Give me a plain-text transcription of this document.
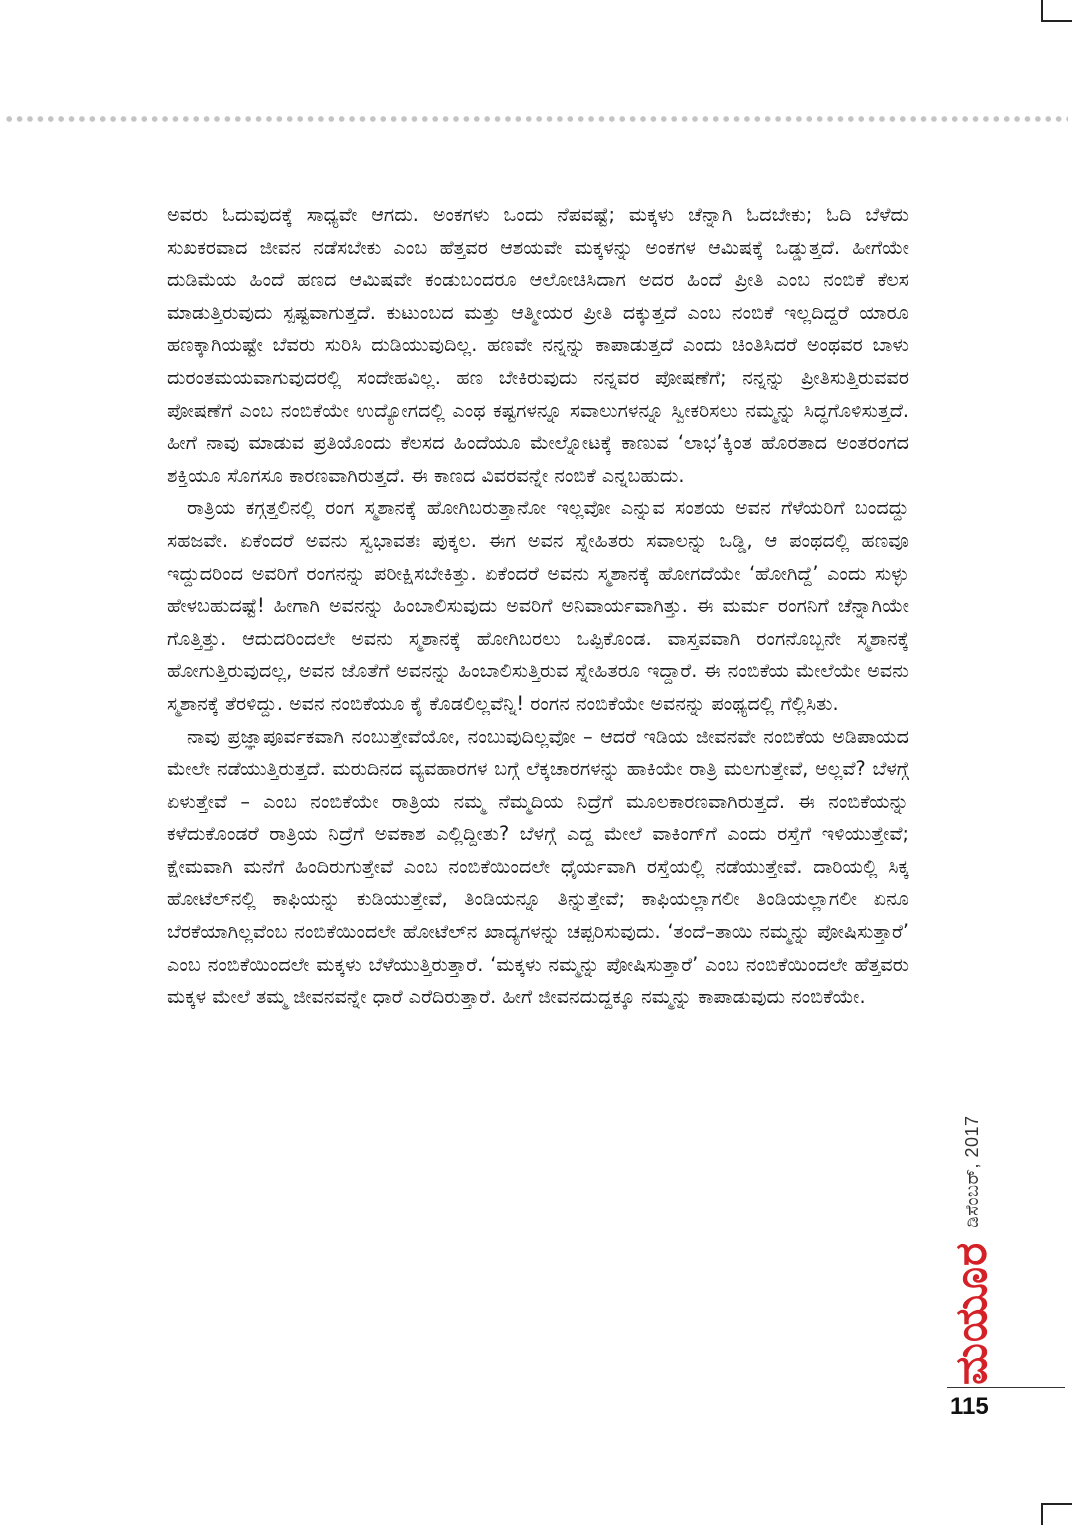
ಅವರು ಓದುವುದಕ್ಕೆ ಸಾಧ್ಯವೇ ಆಗದು. ಅಂಕಗಳು ಒಂದು ನೆಪವಷ್ಟೆ; ಮಕ್ಕಳು ಚೆನ್ನಾಗಿ ಓದಬೇಕು; ಓದಿ ಬೆಳೆದು ಸುಖಕರವಾದ ಜೀವನ ನಡೆಸಬೇಕು ಎಂಬ ಹೆತ್ತವರ ಆಶಯವೇ ಮಕ್ಕಳನ್ನು ಅಂಕಗಳ ಆಮಿಷಕ್ಕೆ ಒಡ್ಡುತ್ತದೆ. ಹೀಗೆಯೇ ದುಡಿಮೆಯ ಹಿಂದೆ ಹಣದ ಆಮಿಷವೇ ಕಂಡುಬಂದರೂ ಆಲೋಚಿಸಿದಾಗ ಅದರ ಹಿಂದೆ ಪ್ರೀತಿ ಎಂಬ ನಂಬಿಕೆ ಕೆಲಸ ಮಾಡುತ್ತಿರುವುದು ಸ್ಪಷ್ಟವಾಗುತ್ತದೆ. ಕುಟುಂಬದ ಮತ್ತು ಆತ್ಮೀಯರ ಪ್ರೀತಿ ದಕ್ಕುತ್ತದೆ ಎಂಬ ನಂಬಿಕೆ ಇಲ್ಲದಿದ್ದರೆ ಯಾರೂ ಹಣಕ್ಕಾಗಿಯಷ್ಟೇ ಬೆವರು ಸುರಿಸಿ ದುಡಿಯುವುದಿಲ್ಲ. ಹಣವೇ ನನ್ನನ್ನು ಕಾಪಾಡುತ್ತದೆ ಎಂದು ಚಿಂತಿಸಿದರೆ ಅಂಥವರ ಬಾಳು ದುರಂತಮಯವಾಗುವುದರಲ್ಲಿ ಸಂದೇಹವಿಲ್ಲ. ಹಣ ಬೇಕಿರುವುದು ನನ್ನವರ ಪೋಷಣೆಗೆ; ನನ್ನನ್ನು ಪ್ರೀತಿಸುತ್ತಿರುವವರ ಪೋಷಣೆಗೆ ಎಂಬ ನಂಬಿಕೆಯೇ ಉದ್ಯೋಗದಲ್ಲಿ ಎಂಥ ಕಷ್ಟಗಳನ್ನೂ ಸವಾಲುಗಳನ್ನೂ ಸ್ವೀಕರಿಸಲು ನಮ್ಮನ್ನು ಸಿದ್ಧಗೊಳಿಸುತ್ತದೆ. ಹೀಗೆ ನಾವು ಮಾಡುವ ಪ್ರತಿಯೊಂದು ಕೆಲಸದ ಹಿಂದೆಯೂ ಮೇಲ್ನೋಟಕ್ಕೆ ಕಾಣುವ ‘ಲಾಭ’ಕ್ಕಿಂತ ಹೊರತಾದ ಅಂತರಂಗದ ಶಕ್ತಿಯೂ ಸೊಗಸೂ ಕಾರಣವಾಗಿರುತ್ತದೆ. ಈ ಕಾಣದ ವಿವರವನ್ನೇ ನಂಬಿಕೆ ಎನ್ನಬಹುದು.

ರಾತ್ರಿಯ ಕಗ್ಗತ್ತಲಿನಲ್ಲಿ ರಂಗ ಸ್ಮಶಾನಕ್ಕೆ ಹೋಗಿಬರುತ್ತಾನೋ ಇಲ್ಲವೋ ಎನ್ನುವ ಸಂಶಯ ಅವನ ಗೆಳೆಯರಿಗೆ ಬಂದದ್ದು ಸಹಜವೇ. ಏಕೆಂದರೆ ಅವನು ಸ್ವಭಾವತಃ ಪುಕ್ಕಲ. ಈಗ ಅವನ ಸ್ನೇಹಿತರು ಸವಾಲನ್ನು ಒಡ್ಡಿ, ಆ ಪಂಥದಲ್ಲಿ ಹಣವೂ ಇದ್ದುದರಿಂದ ಅವರಿಗೆ ರಂಗನನ್ನು ಪರೀಕ್ಷಿಸಬೇಕಿತ್ತು. ಏಕೆಂದರೆ ಅವನು ಸ್ಮಶಾನಕ್ಕೆ ಹೋಗದೆಯೇ ‘ಹೋಗಿದ್ದೆ’ ಎಂದು ಸುಳ್ಳು ಹೇಳಬಹುದಷ್ಟೆ! ಹೀಗಾಗಿ ಅವನನ್ನು ಹಿಂಬಾಲಿಸುವುದು ಅವರಿಗೆ ಅನಿವಾರ್ಯವಾಗಿತ್ತು. ಈ ಮರ್ಮ ರಂಗನಿಗೆ ಚೆನ್ನಾಗಿಯೇ ಗೊತ್ತಿತ್ತು. ಆದುದರಿಂದಲೇ ಅವನು ಸ್ಮಶಾನಕ್ಕೆ ಹೋಗಿಬರಲು ಒಪ್ಪಿಕೊಂಡ. ವಾಸ್ತವವಾಗಿ ರಂಗನೊಬ್ಬನೇ ಸ್ಮಶಾನಕ್ಕೆ ಹೋಗುತ್ತಿರುವುದಲ್ಲ, ಅವನ ಜೊತೆಗೆ ಅವನನ್ನು ಹಿಂಬಾಲಿಸುತ್ತಿರುವ ಸ್ನೇಹಿತರೂ ಇದ್ದಾರೆ. ಈ ನಂಬಿಕೆಯ ಮೇಲೆಯೇ ಅವನು ಸ್ಮಶಾನಕ್ಕೆ ತೆರಳಿದ್ದು. ಅವನ ನಂಬಿಕೆಯೂ ಕೈ ಕೊಡಲಿಲ್ಲವೆನ್ನಿ! ರಂಗನ ನಂಬಿಕೆಯೇ ಅವನನ್ನು ಪಂಥ್ಯದಲ್ಲಿ ಗೆಲ್ಲಿಸಿತು.

ನಾವು ಪ್ರಜ್ಞಾಪೂರ್ವಕವಾಗಿ ನಂಬುತ್ತೇವೆಯೋ, ನಂಬುವುದಿಲ್ಲವೋ – ಆದರೆ ಇಡಿಯ ಜೀವನವೇ ನಂಬಿಕೆಯ ಅಡಿಪಾಯದ ಮೇಲೇ ನಡೆಯುತ್ತಿರುತ್ತದೆ. ಮರುದಿನದ ವ್ಯವಹಾರಗಳ ಬಗ್ಗೆ ಲೆಕ್ಕಚಾರಗಳನ್ನು ಹಾಕಿಯೇ ರಾತ್ರಿ ಮಲಗುತ್ತೇವೆ, ಅಲ್ಲವೆ? ಬೆಳಗ್ಗೆ ಏಳುತ್ತೇವೆ – ಎಂಬ ನಂಬಿಕೆಯೇ ರಾತ್ರಿಯ ನಮ್ಮ ನೆಮ್ಮದಿಯ ನಿದ್ರೆಗೆ ಮೂಲಕಾರಣವಾಗಿರುತ್ತದೆ. ಈ ನಂಬಿಕೆಯನ್ನು ಕಳೆದುಕೊಂಡರೆ ರಾತ್ರಿಯ ನಿದ್ರೆಗೆ ಅವಕಾಶ ಎಲ್ಲಿದ್ದೀತು? ಬೆಳಗ್ಗೆ ಎದ್ದ ಮೇಲೆ ವಾಕಿಂಗ್‌ಗೆ ಎಂದು ರಸ್ತೆಗೆ ಇಳಿಯುತ್ತೇವೆ; ಕ್ಷೇಮವಾಗಿ ಮನೆಗೆ ಹಿಂದಿರುಗುತ್ತೇವೆ ಎಂಬ ನಂಬಿಕೆಯಿಂದಲೇ ಧೈರ್ಯವಾಗಿ ರಸ್ತೆಯಲ್ಲಿ ನಡೆಯುತ್ತೇವೆ. ದಾರಿಯಲ್ಲಿ ಸಿಕ್ಕ ಹೋಟೆಲ್‌ನಲ್ಲಿ ಕಾಫಿಯನ್ನು ಕುಡಿಯುತ್ತೇವೆ, ತಿಂಡಿಯನ್ನೂ ತಿನ್ನುತ್ತೇವೆ; ಕಾಫಿಯಲ್ಲಾಗಲೀ ತಿಂಡಿಯಲ್ಲಾಗಲೀ ಏನೂ ಬೆರಕೆಯಾಗಿಲ್ಲವೆಂಬ ನಂಬಿಕೆಯಿಂದಲೇ ಹೋಟೆಲ್‌ನ ಖಾದ್ಯಗಳನ್ನು ಚಪ್ಪರಿಸುವುದು. ‘ತಂದೆ–ತಾಯಿ ನಮ್ಮನ್ನು ಪೋಷಿಸುತ್ತಾರೆ’ ಎಂಬ ನಂಬಿಕೆಯಿಂದಲೇ ಮಕ್ಕಳು ಬೆಳೆಯುತ್ತಿರುತ್ತಾರೆ. ‘ಮಕ್ಕಳು ನಮ್ಮನ್ನು ಪೋಷಿಸುತ್ತಾರೆ’ ಎಂಬ ನಂಬಿಕೆಯಿಂದಲೇ ಹೆತ್ತವರು ಮಕ್ಕಳ ಮೇಲೆ ತಮ್ಮ ಜೀವನವನ್ನೇ ಧಾರೆ ಎರೆದಿರುತ್ತಾರೆ. ಹೀಗೆ ಜೀವನದುದ್ದಕ್ಕೂ ನಮ್ಮನ್ನು ಕಾಪಾಡುವುದು ನಂಬಿಕೆಯೇ.

ಮಯೂರ
ಡಿಸೆಂಬರ್, 2017
115
